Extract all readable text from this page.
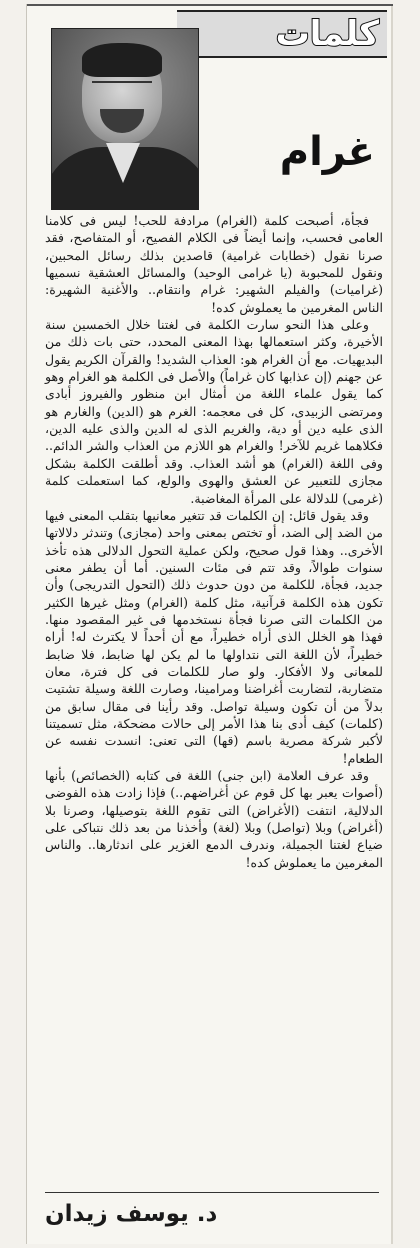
كلمات
غرام

فجأة، أصبحت كلمة (الغرام) مرادفة للحب! ليس فى كلامنا العامى فحسب، وإنما أيضاً فى الكلام الفصيح، أو المتفاصح، فقد صرنا نقول (خطابات غرامية) قاصدين بذلك رسائل المحبين، ونقول للمحبوبة (يا غرامى الوحيد) والمسائل العشقية نسميها (غراميات) والفيلم الشهير: غرام وانتقام.. والأغنية الشهيرة: الناس المغرمين ما يعملوش كده!

وعلى هذا النحو سارت الكلمة فى لغتنا خلال الخمسين سنة الأخيرة، وكثر استعمالها بهذا المعنى المحدد، حتى بات ذلك من البديهيات. مع أن الغرام هو: العذاب الشديد! والقرآن الكريم يقول عن جهنم (إن عذابها كان غراماً) والأصل فى الكلمة هو الغرام وهو كما يقول علماء اللغة من أمثال ابن منظور والفيروز أبادى ومرتضى الزبيدى، كل فى معجمه: الغرم هو (الدين) والغارم هو الذى عليه دين أو دية، والغريم الذى له الدين والذى عليه الدين، فكلاهما غريم للآخر! والغرام هو اللازم من العذاب والشر الدائم.. وفى اللغة (الغرام) هو أشد العذاب. وقد أطلقت الكلمة بشكل مجازى للتعبير عن العشق والهوى والولع، كما استعملت كلمة (غرمى) للدلالة على المرأة المغاضبة.

وقد يقول قائل: إن الكلمات قد تتغير معانيها بتقلب المعنى فيها من الضد إلى الضد، أو تختص بمعنى واحد (مجازى) وتندثر دلالاتها الأخرى.. وهذا قول صحيح، ولكن عملية التحول الدلالى هذه تأخذ سنوات طوالاً، وقد تتم فى مئات السنين. أما أن يطفر معنى جديد، فجأة، للكلمة من دون حدوث ذلك (التحول التدريجى) وأن تكون هذه الكلمة قرآنية، مثل كلمة (الغرام) ومثل غيرها الكثير من الكلمات التى صرنا فجأة نستخدمها فى غير المقصود منها. فهذا هو الخلل الذى أراه خطيراً، مع أن أحداً لا يكترث له! أراه خطيراً، لأن اللغة التى نتداولها ما لم يكن لها ضابط، فلا ضابط للمعانى ولا الأفكار. ولو صار للكلمات فى كل فترة، معان متضاربة، لتضاربت أغراضنا ومرامينا، وصارت اللغة وسيلة تشتيت بدلاً من أن تكون وسيلة تواصل. وقد رأينا فى مقال سابق من (كلمات) كيف أدى بنا هذا الأمر إلى حالات مضحكة، مثل تسميتنا لأكبر شركة مصرية باسم (قها) التى تعنى: انسدت نفسه عن الطعام!

وقد عرف العلامة (ابن جنى) اللغة فى كتابه (الخصائص) بأنها (أصوات يعبر بها كل قوم عن أغراضهم..) فإذا زادت هذه الفوضى الدلالية، انتفت (الأغراض) التى تقوم اللغة بتوصيلها، وصرنا بلا (أغراض) وبلا (تواصل) وبلا (لغة) وأخذنا من بعد ذلك نتباكى على ضياع لغتنا الجميلة، وندرف الدمع الغزير على اندثارها.. والناس المغرمين ما يعملوش كده!

د. يوسف زيدان
